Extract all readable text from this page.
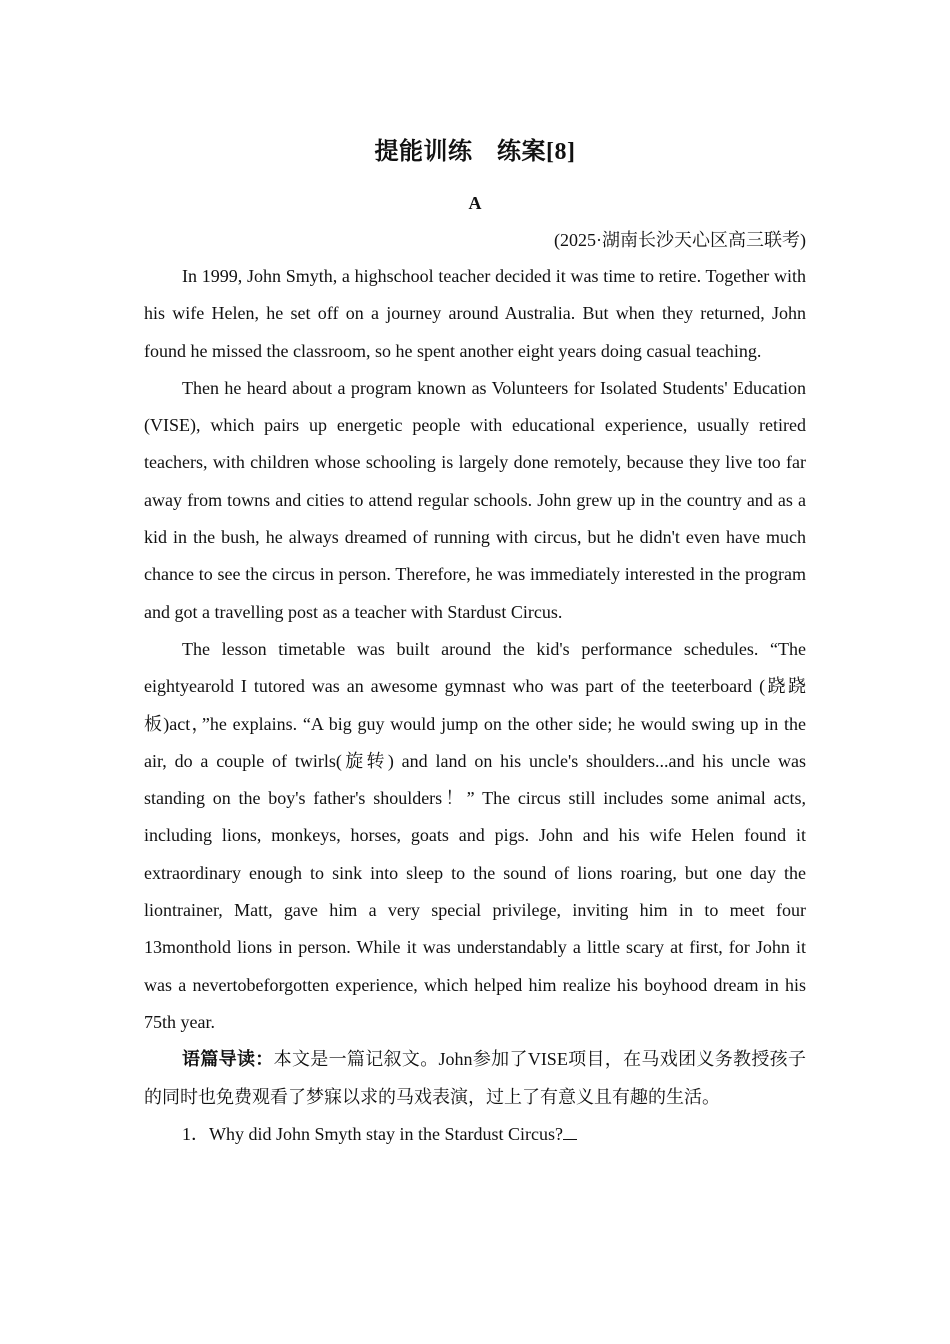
提能训练　练案[8]
A
(2025·湖南长沙天心区高三联考)

In 1999, John Smyth, a highschool teacher decided it was time to retire. Together with his wife Helen, he set off on a journey around Australia. But when they returned, John found he missed the classroom, so he spent another eight years doing casual teaching.

Then he heard about a program known as Volunteers for Isolated Students' Education (VISE), which pairs up energetic people with educational experience, usually retired teachers, with children whose schooling is largely done remotely, because they live too far away from towns and cities to attend regular schools. John grew up in the country and as a kid in the bush, he always dreamed of running with circus, but he didn't even have much chance to see the circus in person. Therefore, he was immediately interested in the program and got a travelling post as a teacher with Stardust Circus.

The lesson timetable was built around the kid's performance schedules. “The eightyearold I tutored was an awesome gymnast who was part of the teeterboard (跷跷板)act，”he explains. “A big guy would jump on the other side; he would swing up in the air, do a couple of twirls(旋转) and land on his uncle's shoulders...and his uncle was standing on the boy's father's shoulders！” The circus still includes some animal acts, including lions, monkeys, horses, goats and pigs. John and his wife Helen found it extraordinary enough to sink into sleep to the sound of lions roaring, but one day the liontrainer, Matt, gave him a very special privilege, inviting him in to meet four 13monthold lions in person. While it was understandably a little scary at first, for John it was a nevertobeforgotten experience, which helped him realize his boyhood dream in his 75th year.

语篇导读：本文是一篇记叙文。John参加了VISE项目，在马戏团义务教授孩子的同时也免费观看了梦寐以求的马戏表演，过上了有意义且有趣的生活。

1．Why did John Smyth stay in the Stardust Circus?
